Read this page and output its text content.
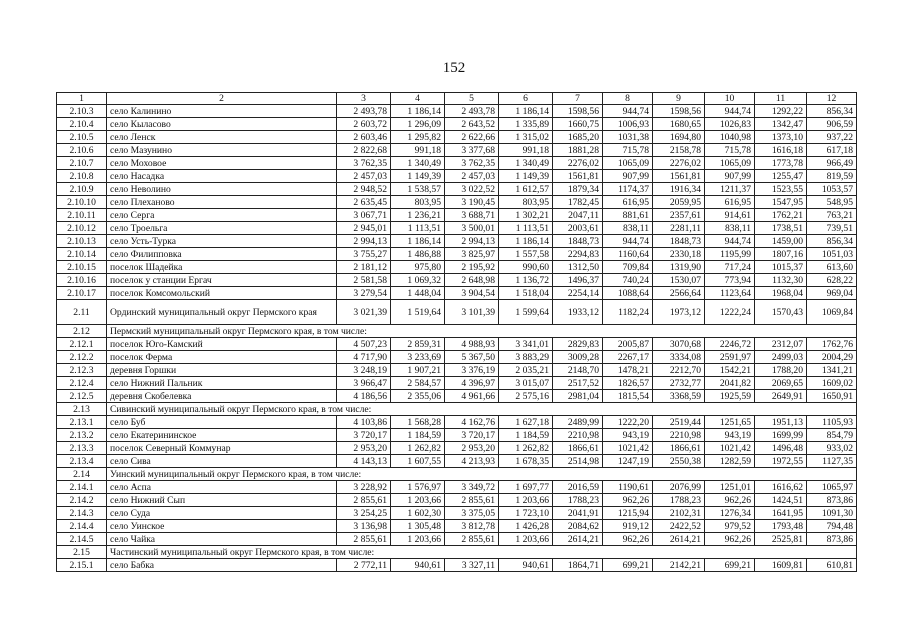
152
1	2	3	4	5	6	7	8	9	10	11	12
2.10.3	село Калинино	2 493,78	1 186,14	2 493,78	1 186,14	1598,56	944,74	1598,56	944,74	1292,22	856,34
2.10.4	село Кыласово	2 603,72	1 296,09	2 643,52	1 335,89	1660,75	1006,93	1680,65	1026,83	1342,47	906,59
2.10.5	село Ленск	2 603,46	1 295,82	2 622,66	1 315,02	1685,20	1031,38	1694,80	1040,98	1373,10	937,22
2.10.6	село Мазунино	2 822,68	991,18	3 377,68	991,18	1881,28	715,78	2158,78	715,78	1616,18	617,18
2.10.7	село Моховое	3 762,35	1 340,49	3 762,35	1 340,49	2276,02	1065,09	2276,02	1065,09	1773,78	966,49
2.10.8	село Насадка	2 457,03	1 149,39	2 457,03	1 149,39	1561,81	907,99	1561,81	907,99	1255,47	819,59
2.10.9	село Неволино	2 948,52	1 538,57	3 022,52	1 612,57	1879,34	1174,37	1916,34	1211,37	1523,55	1053,57
2.10.10	село Плеханово	2 635,45	803,95	3 190,45	803,95	1782,45	616,95	2059,95	616,95	1547,95	548,95
2.10.11	село Серга	3 067,71	1 236,21	3 688,71	1 302,21	2047,11	881,61	2357,61	914,61	1762,21	763,21
2.10.12	село Троельга	2 945,01	1 113,51	3 500,01	1 113,51	2003,61	838,11	2281,11	838,11	1738,51	739,51
2.10.13	село Усть-Турка	2 994,13	1 186,14	2 994,13	1 186,14	1848,73	944,74	1848,73	944,74	1459,00	856,34
2.10.14	село Филипповка	3 755,27	1 486,88	3 825,97	1 557,58	2294,83	1160,64	2330,18	1195,99	1807,16	1051,03
2.10.15	поселок Шадейка	2 181,12	975,80	2 195,92	990,60	1312,50	709,84	1319,90	717,24	1015,37	613,60
2.10.16	поселок у станции Ергач	2 581,58	1 069,32	2 648,98	1 136,72	1496,37	740,24	1530,07	773,94	1132,30	628,22
2.10.17	поселок Комсомольский	3 279,54	1 448,04	3 904,54	1 518,04	2254,14	1088,64	2566,64	1123,64	1968,04	969,04
2.11	Ординский муниципальный округ Пермского края	3 021,39	1 519,64	3 101,39	1 599,64	1933,12	1182,24	1973,12	1222,24	1570,43	1069,84
2.12	Пермский муниципальный округ Пермского края, в том числе:										
2.12.1	поселок Юго-Камский	4 507,23	2 859,31	4 988,93	3 341,01	2829,83	2005,87	3070,68	2246,72	2312,07	1762,76
2.12.2	поселок Ферма	4 717,90	3 233,69	5 367,50	3 883,29	3009,28	2267,17	3334,08	2591,97	2499,03	2004,29
2.12.3	деревня Горшки	3 248,19	1 907,21	3 376,19	2 035,21	2148,70	1478,21	2212,70	1542,21	1788,20	1341,21
2.12.4	село Нижний Пальник	3 966,47	2 584,57	4 396,97	3 015,07	2517,52	1826,57	2732,77	2041,82	2069,65	1609,02
2.12.5	деревня Скобелевка	4 186,56	2 355,06	4 961,66	2 575,16	2981,04	1815,54	3368,59	1925,59	2649,91	1650,91
2.13	Сивинский муниципальный округ Пермского края, в том числе:										
2.13.1	село Буб	4 103,86	1 568,28	4 162,76	1 627,18	2489,99	1222,20	2519,44	1251,65	1951,13	1105,93
2.13.2	село Екатерининское	3 720,17	1 184,59	3 720,17	1 184,59	2210,98	943,19	2210,98	943,19	1699,99	854,79
2.13.3	поселок Северный Коммунар	2 953,20	1 262,82	2 953,20	1 262,82	1866,61	1021,42	1866,61	1021,42	1496,48	933,02
2.13.4	село Сива	4 143,13	1 607,55	4 213,93	1 678,35	2514,98	1247,19	2550,38	1282,59	1972,55	1127,35
2.14	Уинский муниципальный округ Пермского края, в том числе:										
2.14.1	село Аспа	3 228,92	1 576,97	3 349,72	1 697,77	2016,59	1190,61	2076,99	1251,01	1616,62	1065,97
2.14.2	село Нижний Сып	2 855,61	1 203,66	2 855,61	1 203,66	1788,23	962,26	1788,23	962,26	1424,51	873,86
2.14.3	село Суда	3 254,25	1 602,30	3 375,05	1 723,10	2041,91	1215,94	2102,31	1276,34	1641,95	1091,30
2.14.4	село Уинское	3 136,98	1 305,48	3 812,78	1 426,28	2084,62	919,12	2422,52	979,52	1793,48	794,48
2.14.5	село Чайка	2 855,61	1 203,66	2 855,61	1 203,66	2614,21	962,26	2614,21	962,26	2525,81	873,86
2.15	Частинский муниципальный округ Пермского края, в том числе:										
2.15.1	село Бабка	2 772,11	940,61	3 327,11	940,61	1864,71	699,21	2142,21	699,21	1609,81	610,81
